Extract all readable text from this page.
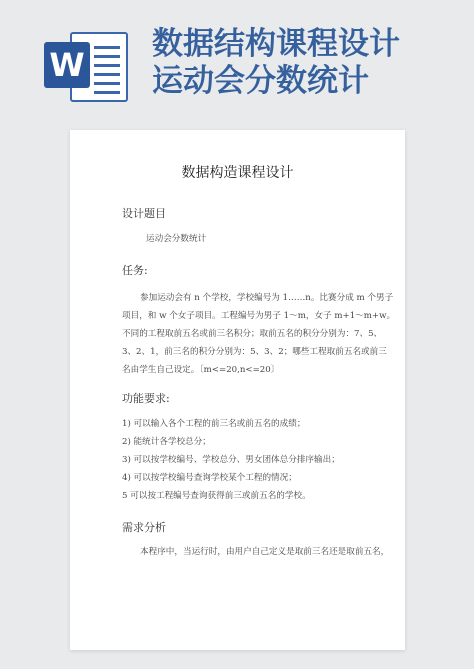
W
数据结构课程设计
运动会分数统计
数据构造课程设计
设计题目
运动会分数统计
任务:
参加运动会有 n 个学校，学校编号为 1……n。比赛分成 m 个男子
项目，和 w 个女子项目。工程编号为男子 1～m，女子 m+1～m+w。
不同的工程取前五名或前三名积分；取前五名的积分分别为：7、5、
3、2、1，前三名的积分分别为：5、3、2；哪些工程取前五名或前三
名由学生自己设定。〔m<=20,n<=20〕
功能要求:
1) 可以输入各个工程的前三名或前五名的成绩；
2) 能统计各学校总分；
3) 可以按学校编号、学校总分、男女团体总分排序输出；
4) 可以按学校编号查询学校某个工程的情况；
5 可以按工程编号查询获得前三或前五名的学校。
需求分析
本程序中，当运行时，由用户自己定义是取前三名还是取前五名，
